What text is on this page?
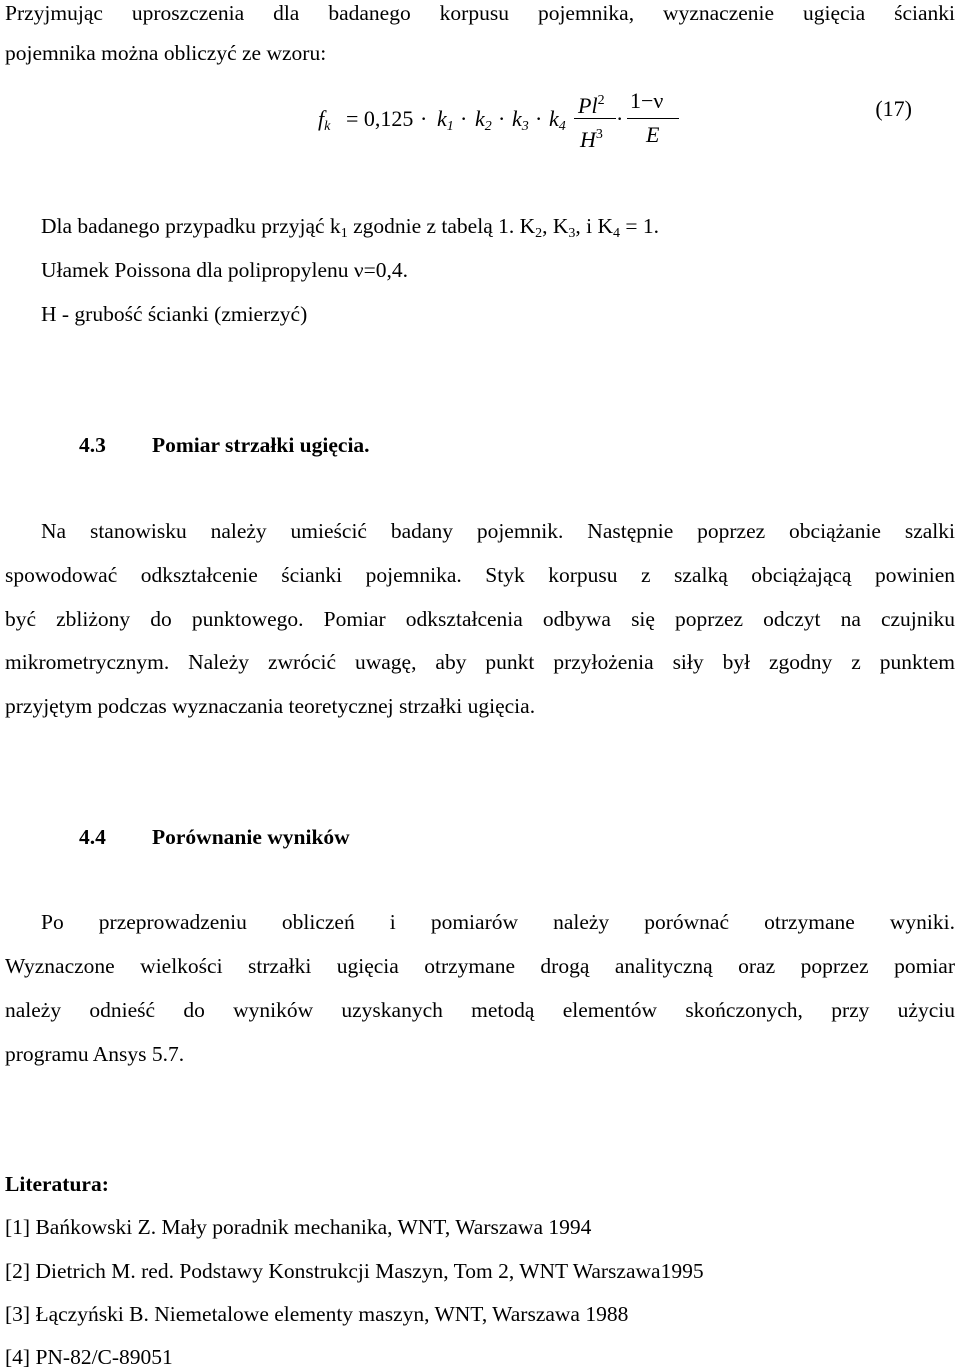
Przyjmując uproszczenia dla badanego korpusu pojemnika, wyznaczenie ugięcia ścianki
pojemnika można obliczyć ze wzoru:
$f_k = 0,125 \cdot k_1 \cdot k_2 \cdot k_3 \cdot k_4$
Pl$^2$
$H^3$
·
1−ν
E
(17)
Dla badanego przypadku przyjąć $k_1$ zgodnie z tabelą 1. $K_2$, $K_3$, i $K_4 = 1$.
Ułamek Poissona dla polipropylenu ν=0,4.
H - grubość ścianki (zmierzyć)
4.3 Pomiar strzałki ugięcia.
Na stanowisku należy umieścić badany pojemnik. Następnie poprzez obciążanie szalki
spowodować odkształcenie ścianki pojemnika. Styk korpusu z szalką obciążającą powinien
być zbliżony do punktowego. Pomiar odkształcenia odbywa się poprzez odczyt na czujniku
mikrometrycznym. Należy zwrócić uwagę, aby punkt przyłożenia siły był zgodny z punktem
przyjętym podczas wyznaczania teoretycznej strzałki ugięcia.
4.4 Porównanie wyników
Po przeprowadzeniu obliczeń i pomiarów należy porównać otrzymane wyniki.
Wyznaczone wielkości strzałki ugięcia otrzymane drogą analityczną oraz poprzez pomiar
należy odnieść do wyników uzyskanych metodą elementów skończonych, przy użyciu
programu Ansys 5.7.
Literatura:
[1] Bańkowski Z. Mały poradnik mechanika, WNT, Warszawa 1994
[2] Dietrich M. red. Podstawy Konstrukcji Maszyn, Tom 2, WNT Warszawa1995
[3] Łączyński B. Niemetalowe elementy maszyn, WNT, Warszawa 1988
[4] PN-82/C-89051
